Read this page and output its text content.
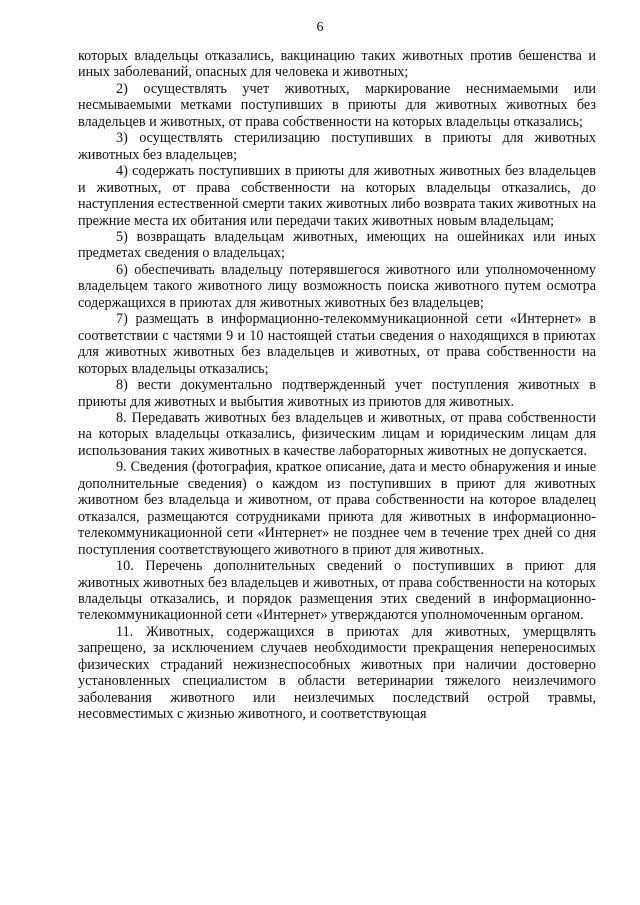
6

которых владельцы отказались, вакцинацию таких животных против бешенства и иных заболеваний, опасных для человека и животных;

2) осуществлять учет животных, маркирование неснимаемыми или несмываемыми метками поступивших в приюты для животных животных без владельцев и животных, от права собственности на которых владельцы отказались;

3) осуществлять стерилизацию поступивших в приюты для животных животных без владельцев;

4) содержать поступивших в приюты для животных животных без владельцев и животных, от права собственности на которых владельцы отказались, до наступления естественной смерти таких животных либо возврата таких животных на прежние места их обитания или передачи таких животных новым владельцам;

5) возвращать владельцам животных, имеющих на ошейниках или иных предметах сведения о владельцах;

6) обеспечивать владельцу потерявшегося животного или уполномоченному владельцем такого животного лицу возможность поиска животного путем осмотра содержащихся в приютах для животных животных без владельцев;

7) размещать в информационно-телекоммуникационной сети «Интернет» в соответствии с частями 9 и 10 настоящей статьи сведения о находящихся в приютах для животных животных без владельцев и животных, от права собственности на которых владельцы отказались;

8) вести документально подтвержденный учет поступления животных в приюты для животных и выбытия животных из приютов для животных.

8. Передавать животных без владельцев и животных, от права собственности на которых владельцы отказались, физическим лицам и юридическим лицам для использования таких животных в качестве лабораторных животных не допускается.

9. Сведения (фотография, краткое описание, дата и место обнаружения и иные дополнительные сведения) о каждом из поступивших в приют для животных животном без владельца и животном, от права собственности на которое владелец отказался, размещаются сотрудниками приюта для животных в информационно-телекоммуникационной сети «Интернет» не позднее чем в течение трех дней со дня поступления соответствующего животного в приют для животных.

10. Перечень дополнительных сведений о поступивших в приют для животных животных без владельцев и животных, от права собственности на которых владельцы отказались, и порядок размещения этих сведений в информационно-телекоммуникационной сети «Интернет» утверждаются уполномоченным органом.

11. Животных, содержащихся в приютах для животных, умерщвлять запрещено, за исключением случаев необходимости прекращения непереносимых физических страданий нежизнеспособных животных при наличии достоверно установленных специалистом в области ветеринарии тяжелого неизлечимого заболевания животного или неизлечимых последствий острой травмы, несовместимых с жизнью животного, и соответствующая
